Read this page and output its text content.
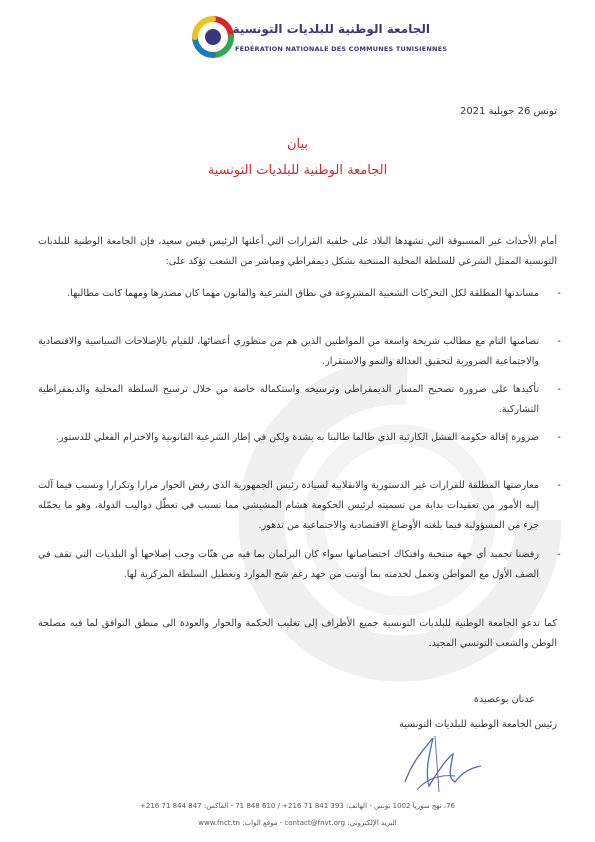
الجامعة الوطنية للبلديات التونسية
FÉDÉRATION NATIONALE DES COMMUNES TUNISIENNES
تونس 26 جويلية 2021
بيان
الجامعة الوطنية للبلديات التونسية
أمام الأحداث غير المسبوقة التي تشهدها البلاد على خلفية القرارات التي أعلنها الرئيس قيس سعيد، فإن الجامعة الوطنية للبلديات التونسية الممثل الشرعي للسلطة المحلية المنتخبة بشكل ديمقراطي ومباشر من الشعب تؤكد على:
-
مساندتها المطلقة لكل التحركات الشعبية المشروعة في نطاق الشرعية والقانون مهما كان مصدرها ومهما كانت مطالبها.
-
تضامنها التام مع مطالب شريحة واسعة من المواطنين الذين هم من منظوري أعضائها، للقيام بالإصلاحات السياسية والاقتصادية والاجتماعية الضرورية لتحقيق العدالة والنمو والاستقرار.
-
تأكيدها على ضرورة تصحيح المسار الديمقراطي وترسيخه واستكماله خاصة من خلال ترسيخ السلطة المحلية والديمقراطية التشاركية.
-
ضرورة إقالة حكومة الفشل الكارثية الذي طالما طالبنا به بشدة ولكن في إطار الشرعية القانونية والاحترام الفعلي للدستور.
-
معارضتها المطلقة للقرارات غير الدستورية والانقلابية لسيادة رئيس الجمهورية الذي رفض الحوار مرارا وتكرارا وتسبب فيما آلت إليه الأمور من تعقيدات بداية من تسميته لرئيس الحكومة هشام المشيشي مما تسبب في تعطّل دواليب الدولة، وهو ما يحمّله جزء من المسؤولية فيما بلغته الأوضاع الاقتصادية والاجتماعية من تدهور.
-
رفضنا تجميد أي جهة منتخبة وافتكاك اختصاصاتها سواء كان البرلمان بما فيه من هنّات وجب إصلاحها أو البلديات التي تقف في الصف الأول مع المواطن وتعمل لخدمته بما أوتيت من جهد رغم شح الموارد وتعطيل السلطة المركزية لها.
كما تدعو الجامعة الوطنية للبلديات التونسية جميع الأطراف إلى تغليب الحكمة والحوار والعودة الى منطق التوافق لما فيه مصلحة الوطن والشعب التونسي المجيد.
عدنان بوعصيدة
رئيس الجامعة الوطنية للبلديات التونسية
76، نهج سوريا 1002 تونس - الهاتف: 393 841 71 216+ / 610 848 71 - الفاكس: 847 844 71 216+
البريد الإلكتروني: contact@fnvt.org - موقع الواب: www.fnct.tn
